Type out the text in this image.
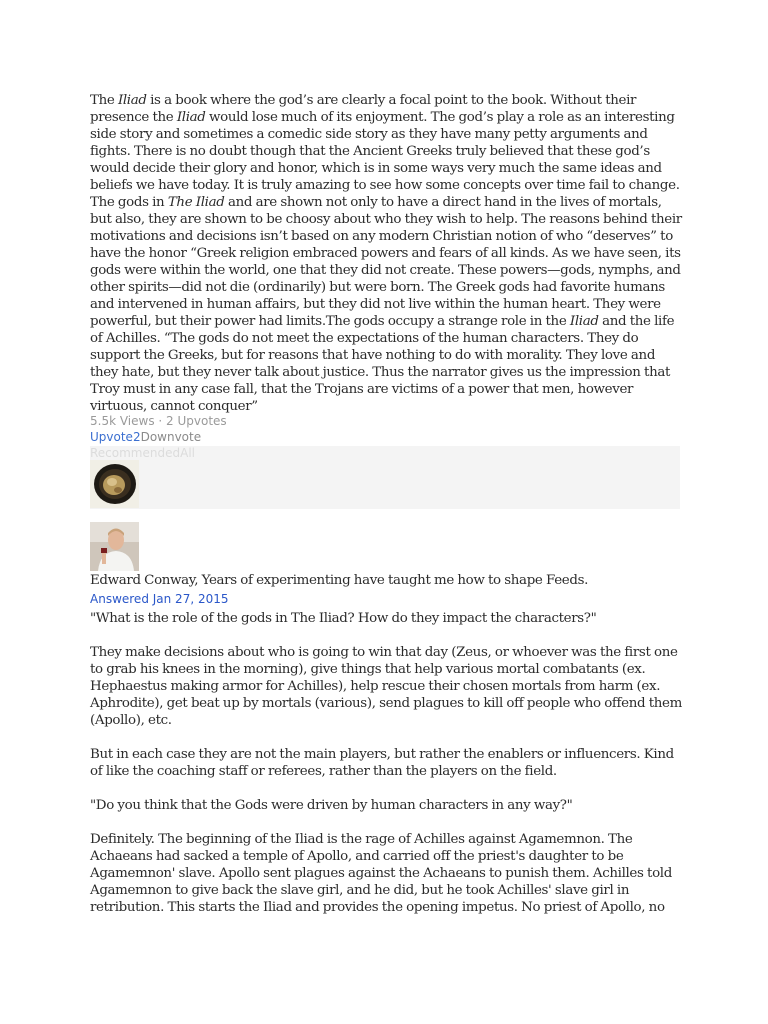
The Iliad is a book where the god’s are clearly a focal point to the book. Without their
presence the Iliad would lose much of its enjoyment. The god’s play a role as an interesting
side story and sometimes a comedic side story as they have many petty arguments and
fights. There is no doubt though that the Ancient Greeks truly believed that these god’s
would decide their glory and honor, which is in some ways very much the same ideas and
beliefs we have today. It is truly amazing to see how some concepts over time fail to change.
The gods in The Iliad and are shown not only to have a direct hand in the lives of mortals,
but also, they are shown to be choosy about who they wish to help. The reasons behind their
motivations and decisions isn’t based on any modern Christian notion of who “deserves” to
have the honor “Greek religion embraced powers and fears of all kinds. As we have seen, its
gods were within the world, one that they did not create. These powers—gods, nymphs, and
other spirits—did not die (ordinarily) but were born. The Greek gods had favorite humans
and intervened in human affairs, but they did not live within the human heart. They were
powerful, but their power had limits.The gods occupy a strange role in the Iliad and the life
of Achilles. “The gods do not meet the expectations of the human characters. They do
support the Greeks, but for reasons that have nothing to do with morality. They love and
they hate, but they never talk about justice. Thus the narrator gives us the impression that
Troy must in any case fall, that the Trojans are victims of a power that men, however
virtuous, cannot conquer”
5.5k Views · 2 Upvotes
Upvote2Downvote
RecommendedAll
Edward Conway, Years of experimenting have taught me how to shape Feeds.
Answered Jan 27, 2015
"What is the role of the gods in The Iliad? How do they impact the characters?"
They make decisions about who is going to win that day (Zeus, or whoever was the first one
to grab his knees in the morning), give things that help various mortal combatants (ex.
Hephaestus making armor for Achilles), help rescue their chosen mortals from harm (ex.
Aphrodite), get beat up by mortals (various), send plagues to kill off people who offend them
(Apollo), etc.
But in each case they are not the main players, but rather the enablers or influencers. Kind
of like the coaching staff or referees, rather than the players on the field.
"Do you think that the Gods were driven by human characters in any way?"
Definitely. The beginning of the Iliad is the rage of Achilles against Agamemnon. The
Achaeans had sacked a temple of Apollo, and carried off the priest's daughter to be
Agamemnon' slave. Apollo sent plagues against the Achaeans to punish them. Achilles told
Agamemnon to give back the slave girl, and he did, but he took Achilles' slave girl in
retribution. This starts the Iliad and provides the opening impetus. No priest of Apollo, no
